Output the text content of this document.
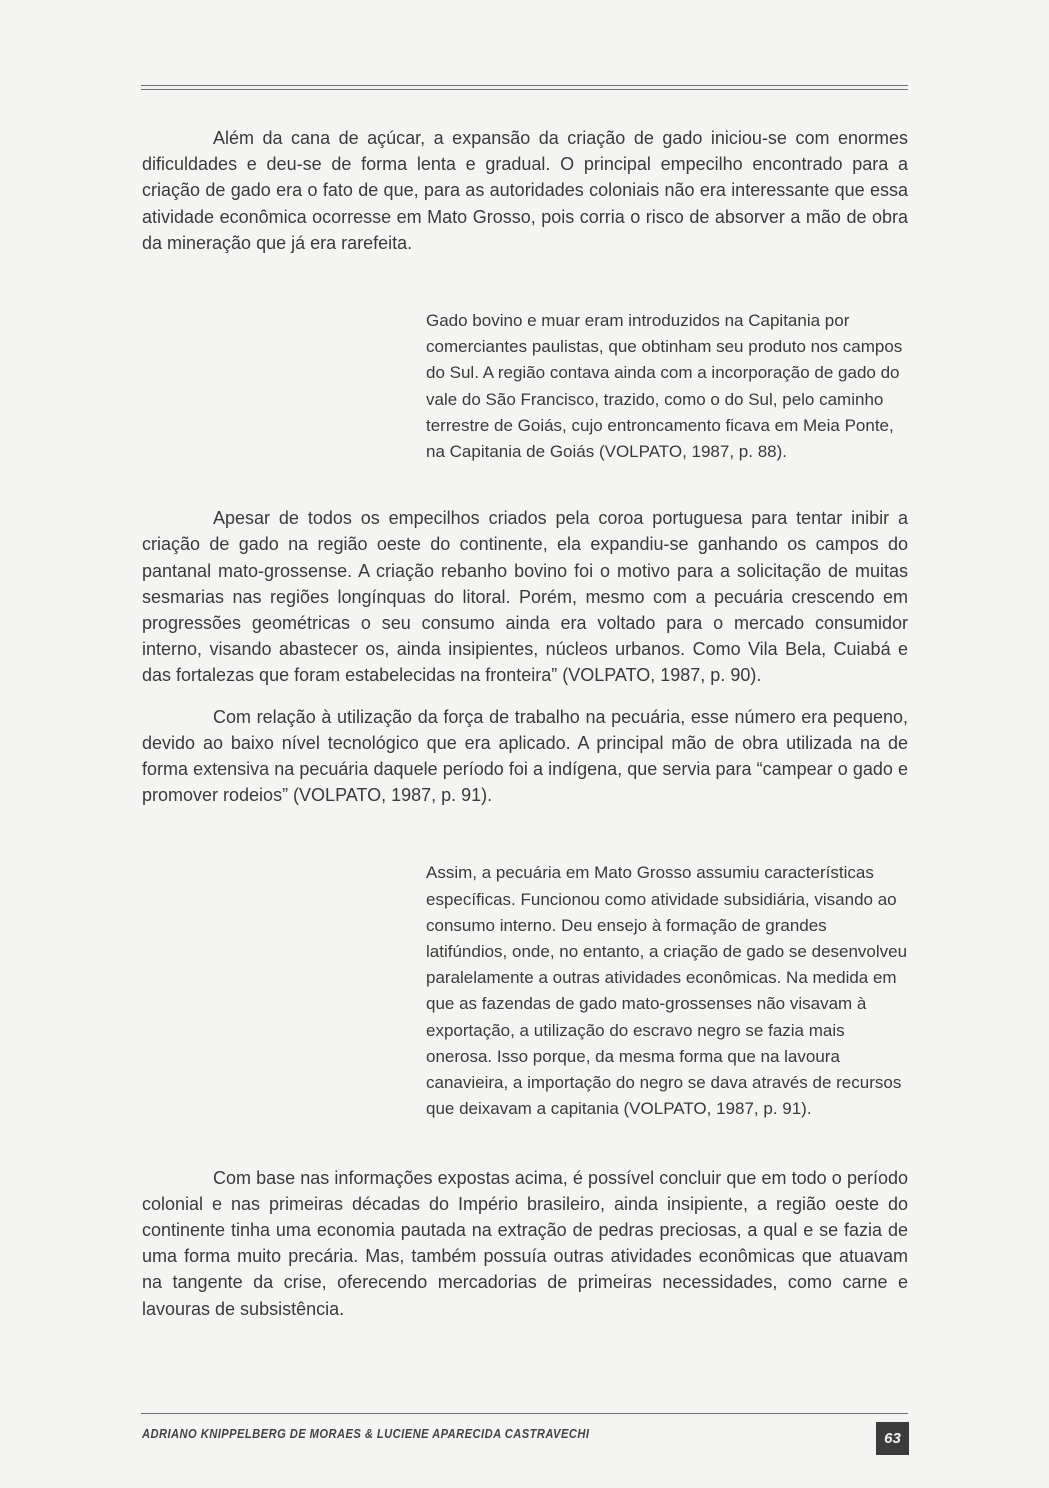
Além da cana de açúcar, a expansão da criação de gado iniciou-se com enormes dificuldades e deu-se de forma lenta e gradual. O principal empecilho encontrado para a criação de gado era o fato de que, para as autoridades coloniais não era interessante que essa atividade econômica ocorresse em Mato Grosso, pois corria o risco de absorver a mão de obra da mineração que já era rarefeita.

Gado bovino e muar eram introduzidos na Capitania por comerciantes paulistas, que obtinham seu produto nos campos do Sul. A região contava ainda com a incorporação de gado do vale do São Francisco, trazido, como o do Sul, pelo caminho terrestre de Goiás, cujo entroncamento ficava em Meia Ponte, na Capitania de Goiás (VOLPATO, 1987, p. 88).

Apesar de todos os empecilhos criados pela coroa portuguesa para tentar inibir a criação de gado na região oeste do continente, ela expandiu-se ganhando os campos do pantanal mato-grossense. A criação rebanho bovino foi o motivo para a solicitação de muitas sesmarias nas regiões longínquas do litoral. Porém, mesmo com a pecuária crescendo em progressões geométricas o seu consumo ainda era voltado para o mercado consumidor interno, visando abastecer os, ainda insipientes, núcleos urbanos. Como Vila Bela, Cuiabá e das fortalezas que foram estabelecidas na fronteira” (VOLPATO, 1987, p. 90).

Com relação à utilização da força de trabalho na pecuária, esse número era pequeno, devido ao baixo nível tecnológico que era aplicado. A principal mão de obra utilizada na de forma extensiva na pecuária daquele período foi a indígena, que servia para “campear o gado e promover rodeios” (VOLPATO, 1987, p. 91).

Assim, a pecuária em Mato Grosso assumiu características específicas. Funcionou como atividade subsidiária, visando ao consumo interno. Deu ensejo à formação de grandes latifúndios, onde, no entanto, a criação de gado se desenvolveu paralelamente a outras atividades econômicas. Na medida em que as fazendas de gado mato-grossenses não visavam à exportação, a utilização do escravo negro se fazia mais onerosa. Isso porque, da mesma forma que na lavoura canavieira, a importação do negro se dava através de recursos que deixavam a capitania (VOLPATO, 1987, p. 91).

Com base nas informações expostas acima, é possível concluir que em todo o período colonial e nas primeiras décadas do Império brasileiro, ainda insipiente, a região oeste do continente tinha uma economia pautada na extração de pedras preciosas, a qual e se fazia de uma forma muito precária. Mas, também possuía outras atividades econômicas que atuavam na tangente da crise, oferecendo mercadorias de primeiras necessidades, como carne e lavouras de subsistência.

ADRIANO KNIPPELBERG DE MORAES & LUCIENE APARECIDA CASTRAVECHI	63
